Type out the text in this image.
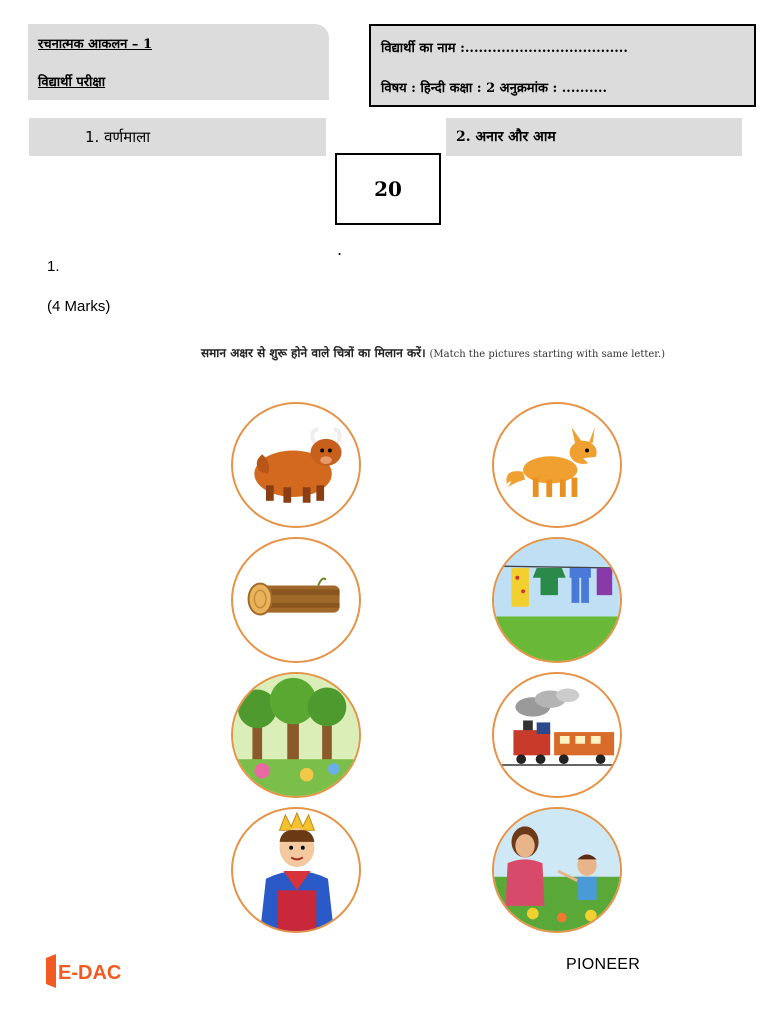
रचनात्मक आकलन – 1
विद्यार्थी परीक्षा
विद्यार्थी का नाम :....................................
विषय : हिन्दी कक्षा : 2 अनुक्रमांक : ..........
1. वर्णमाला	2. अनार और आम
20
.
1.
(4 Marks)
समान अक्षर से शुरू होने वाले चित्रों का मिलान करें। (Match the pictures starting with same letter.)
E-DAC	PIONEER
